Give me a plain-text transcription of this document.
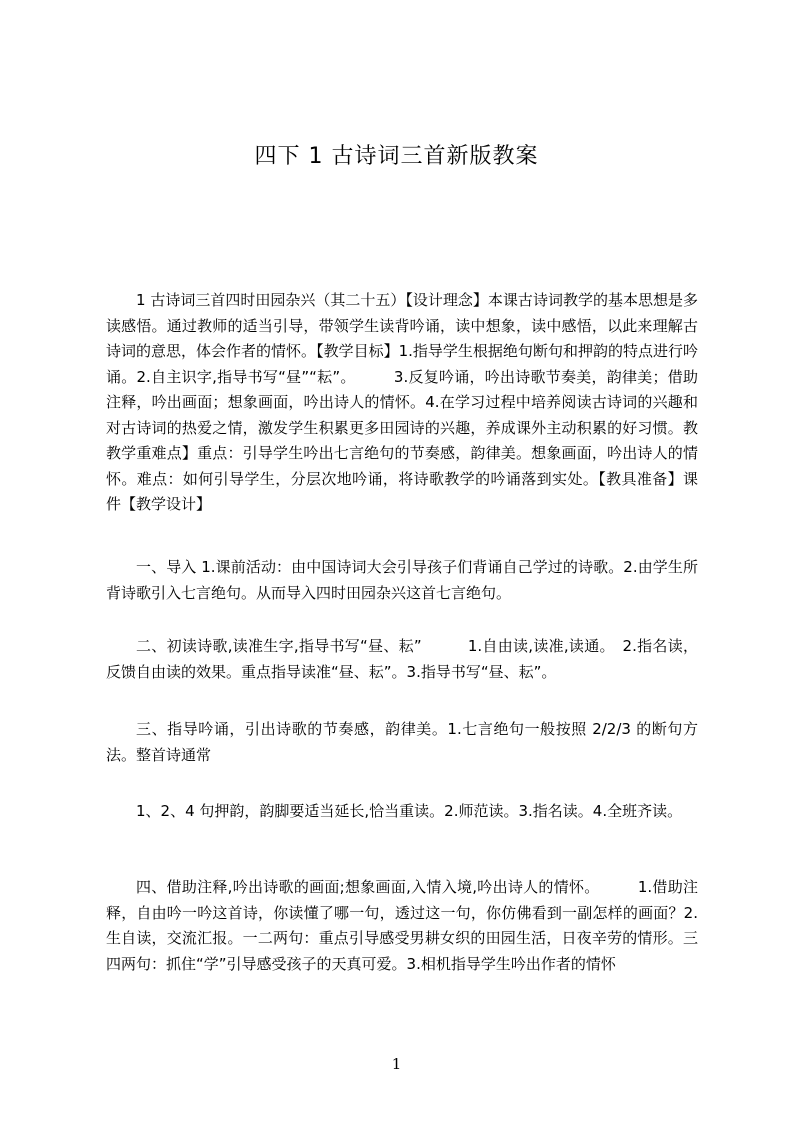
四下 1 古诗词三首新版教案

1 古诗词三首四时田园杂兴（其二十五）【设计理念】本课古诗词教学的基本思想是多读感悟。通过教师的适当引导，带领学生读背吟诵，读中想象，读中感悟，以此来理解古诗词的意思，体会作者的情怀。【教学目标】1.指导学生根据绝句断句和押韵的特点进行吟诵。2.自主识字,指导书写“昼”“耘”。　　　3.反复吟诵，吟出诗歌节奏美，韵律美；借助注释，吟出画面；想象画面，吟出诗人的情怀。4.在学习过程中培养阅读古诗词的兴趣和对古诗词的热爱之情，激发学生积累更多田园诗的兴趣，养成课外主动积累的好习惯。教教学重难点】重点：引导学生吟出七言绝句的节奏感，韵律美。想象画面，吟出诗人的情怀。难点：如何引导学生，分层次地吟诵，将诗歌教学的吟诵落到实处。【教具准备】课件【教学设计】

一、导入 1.课前活动：由中国诗词大会引导孩子们背诵自己学过的诗歌。2.由学生所背诗歌引入七言绝句。从而导入四时田园杂兴这首七言绝句。

二、初读诗歌,读准生字,指导书写“昼、耘”　　　1.自由读,读准,读通。　2.指名读，反馈自由读的效果。重点指导读准“昼、耘”。3.指导书写“昼、耘”。

三、指导吟诵，引出诗歌的节奏感，韵律美。1.七言绝句一般按照 2/2/3 的断句方法。整首诗通常

1、2、4 句押韵，韵脚要适当延长,恰当重读。2.师范读。3.指名读。4.全班齐读。

四、借助注释,吟出诗歌的画面;想象画面,入情入境,吟出诗人的情怀。　　　1.借助注释，自由吟一吟这首诗，你读懂了哪一句，透过这一句，你仿佛看到一副怎样的画面？2.生自读，交流汇报。一二两句：重点引导感受男耕女织的田园生活，日夜辛劳的情形。三四两句：抓住“学”引导感受孩子的天真可爱。3.相机指导学生吟出作者的情怀

1
